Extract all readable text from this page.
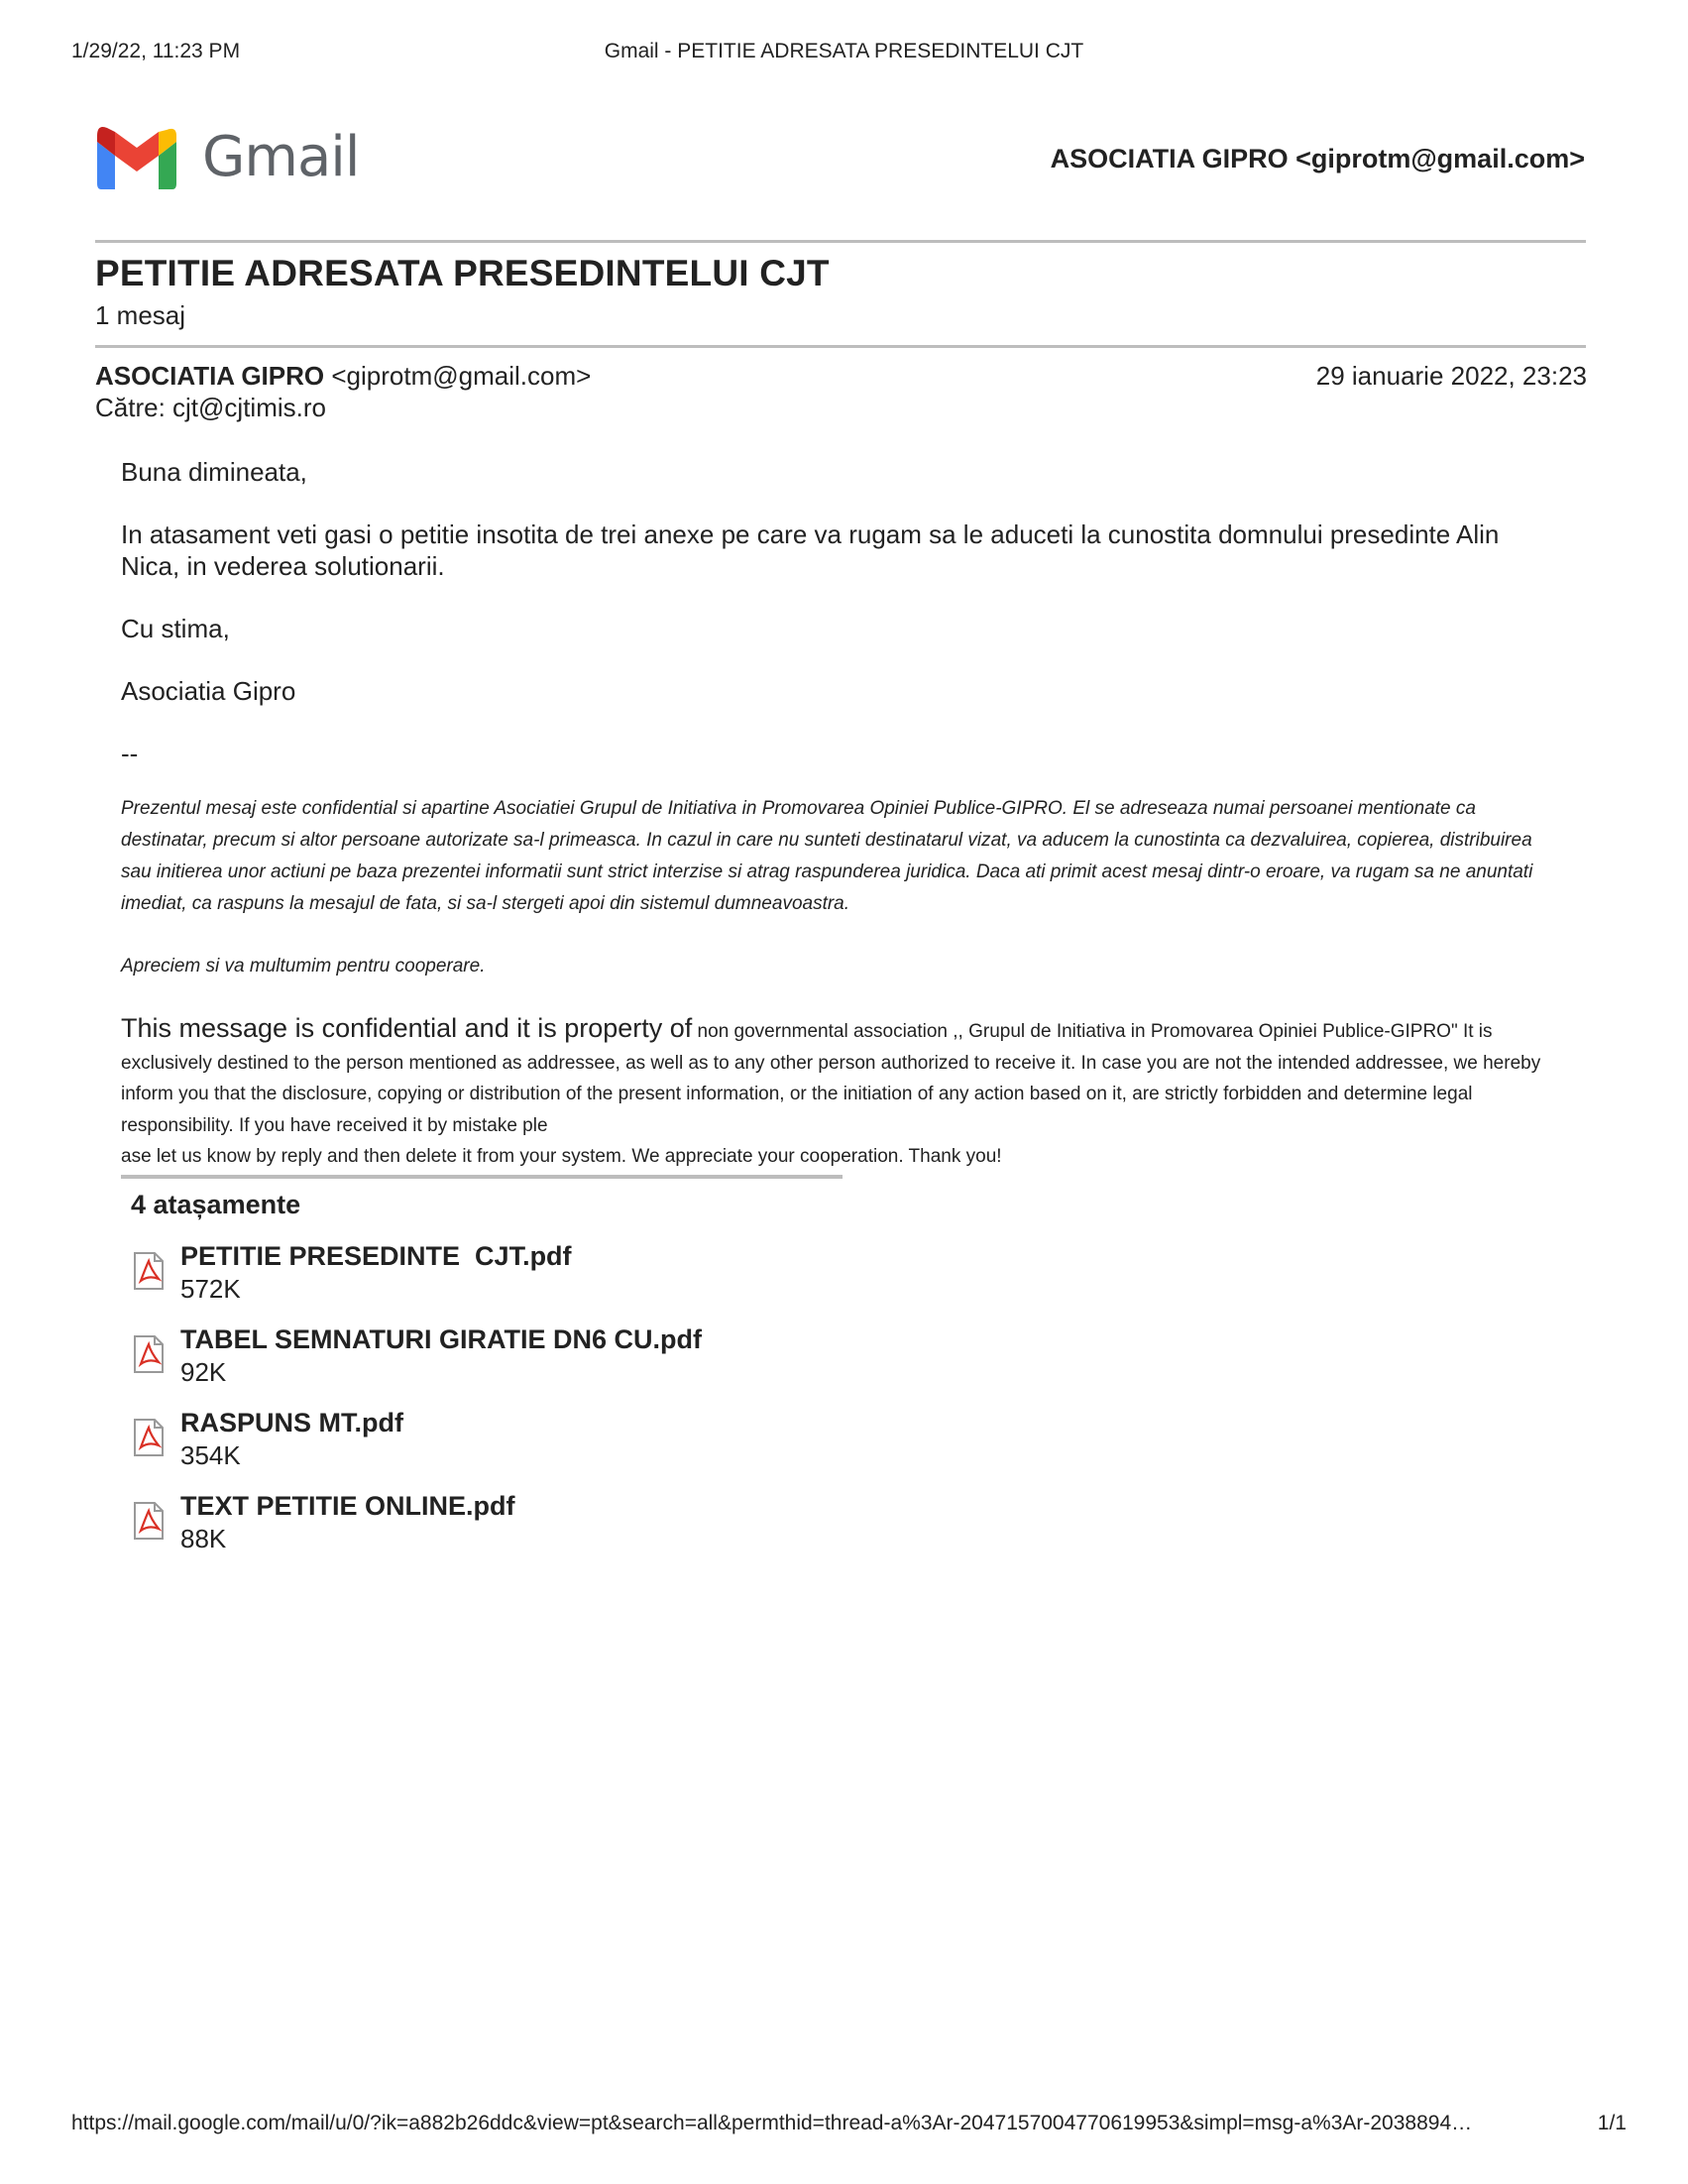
1/29/22, 11:23 PM	Gmail - PETITIE ADRESATA PRESEDINTELUI CJT
Gmail	ASOCIATIA GIPRO <giprotm@gmail.com>
PETITIE ADRESATA PRESEDINTELUI CJT
1 mesaj
ASOCIATIA GIPRO <giprotm@gmail.com>	29 ianuarie 2022, 23:23
Către: cjt@cjtimis.ro

Buna dimineata,

In atasament veti gasi o petitie insotita de trei anexe pe care va rugam sa le aduceti la cunostita domnului presedinte Alin Nica, in vederea solutionarii.

Cu stima,

Asociatia Gipro

--

Prezentul mesaj este confidential si apartine Asociatiei Grupul de Initiativa in Promovarea Opiniei Publice-GIPRO. El se adreseaza numai persoanei mentionate ca destinatar, precum si altor persoane autorizate sa-l primeasca. In cazul in care nu sunteti destinatarul vizat, va aducem la cunostinta ca dezvaluirea, copierea, distribuirea sau initierea unor actiuni pe baza prezentei informatii sunt strict interzise si atrag raspunderea juridica. Daca ati primit acest mesaj dintr-o eroare, va rugam sa ne anuntati imediat, ca raspuns la mesajul de fata, si sa-l stergeti apoi din sistemul dumneavoastra.

Apreciem si va multumim pentru cooperare.

This message is confidential and it is property of non governmental association ,, Grupul de Initiativa in Promovarea Opiniei Publice-GIPRO" It is exclusively destined to the person mentioned as addressee, as well as to any other person authorized to receive it. In case you are not the intended addressee, we hereby inform you that the disclosure, copying or distribution of the present information, or the initiation of any action based on it, are strictly forbidden and determine legal responsibility. If you have received it by mistake ple
ase let us know by reply and then delete it from your system. We appreciate your cooperation. Thank you!
4 atașamente
PETITIE PRESEDINTE  CJT.pdf
572K
TABEL SEMNATURI GIRATIE DN6 CU.pdf
92K
RASPUNS MT.pdf
354K
TEXT PETITIE ONLINE.pdf
88K
https://mail.google.com/mail/u/0/?ik=a882b26ddc&view=pt&search=all&permthid=thread-a%3Ar-2047157004770619953&simpl=msg-a%3Ar-2038894…	1/1
